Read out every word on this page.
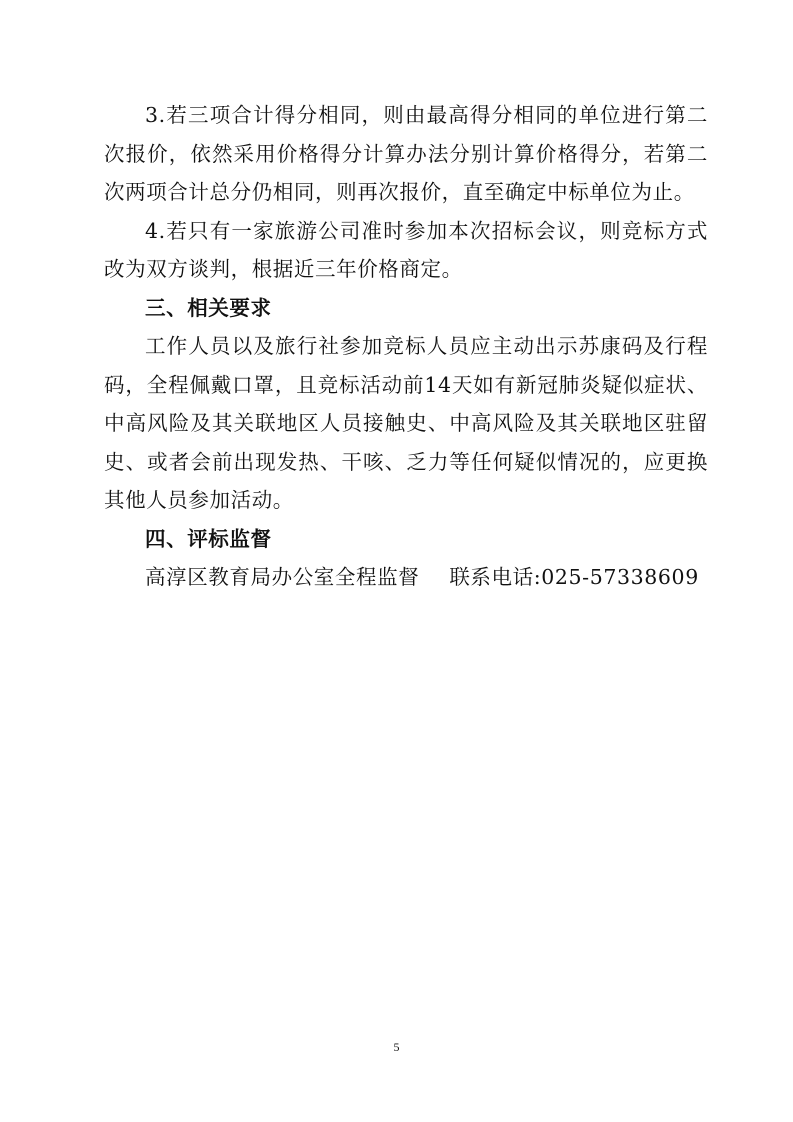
3.若三项合计得分相同，则由最高得分相同的单位进行第二次报价，依然采用价格得分计算办法分别计算价格得分，若第二次两项合计总分仍相同，则再次报价，直至确定中标单位为止。

4.若只有一家旅游公司准时参加本次招标会议，则竞标方式改为双方谈判，根据近三年价格商定。

三、相关要求

工作人员以及旅行社参加竞标人员应主动出示苏康码及行程码，全程佩戴口罩，且竞标活动前14天如有新冠肺炎疑似症状、中高风险及其关联地区人员接触史、中高风险及其关联地区驻留史、或者会前出现发热、干咳、乏力等任何疑似情况的，应更换其他人员参加活动。

四、评标监督

高淳区教育局办公室全程监督 联系电话:025-57338609

5
